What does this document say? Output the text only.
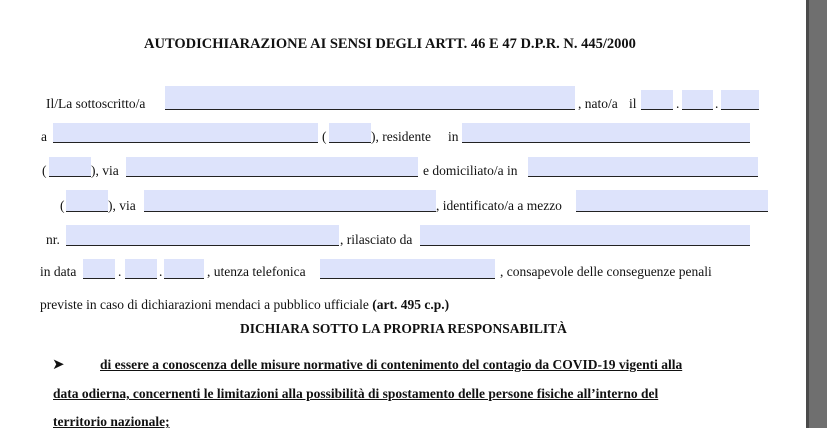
AUTODICHIARAZIONE AI SENSI DEGLI ARTT. 46 E 47 D.P.R. N. 445/2000
Il/La sottoscritto/a	, nato/a il	.	.
a	(	), residente in
(	), via	e domiciliato/a in
(	), via	, identificato/a a mezzo
nr.	, rilasciato da
in data	.	.	, utenza telefonica	, consapevole delle conseguenze penali
previste in caso di dichiarazioni mendaci a pubblico ufficiale (art. 495 c.p.)
DICHIARA SOTTO LA PROPRIA RESPONSABILITÀ
➤	di essere a conoscenza delle misure normative di contenimento del contagio da COVID-19 vigenti alla
data odierna, concernenti le limitazioni alla possibilità di spostamento delle persone fisiche all’interno del
territorio nazionale;
